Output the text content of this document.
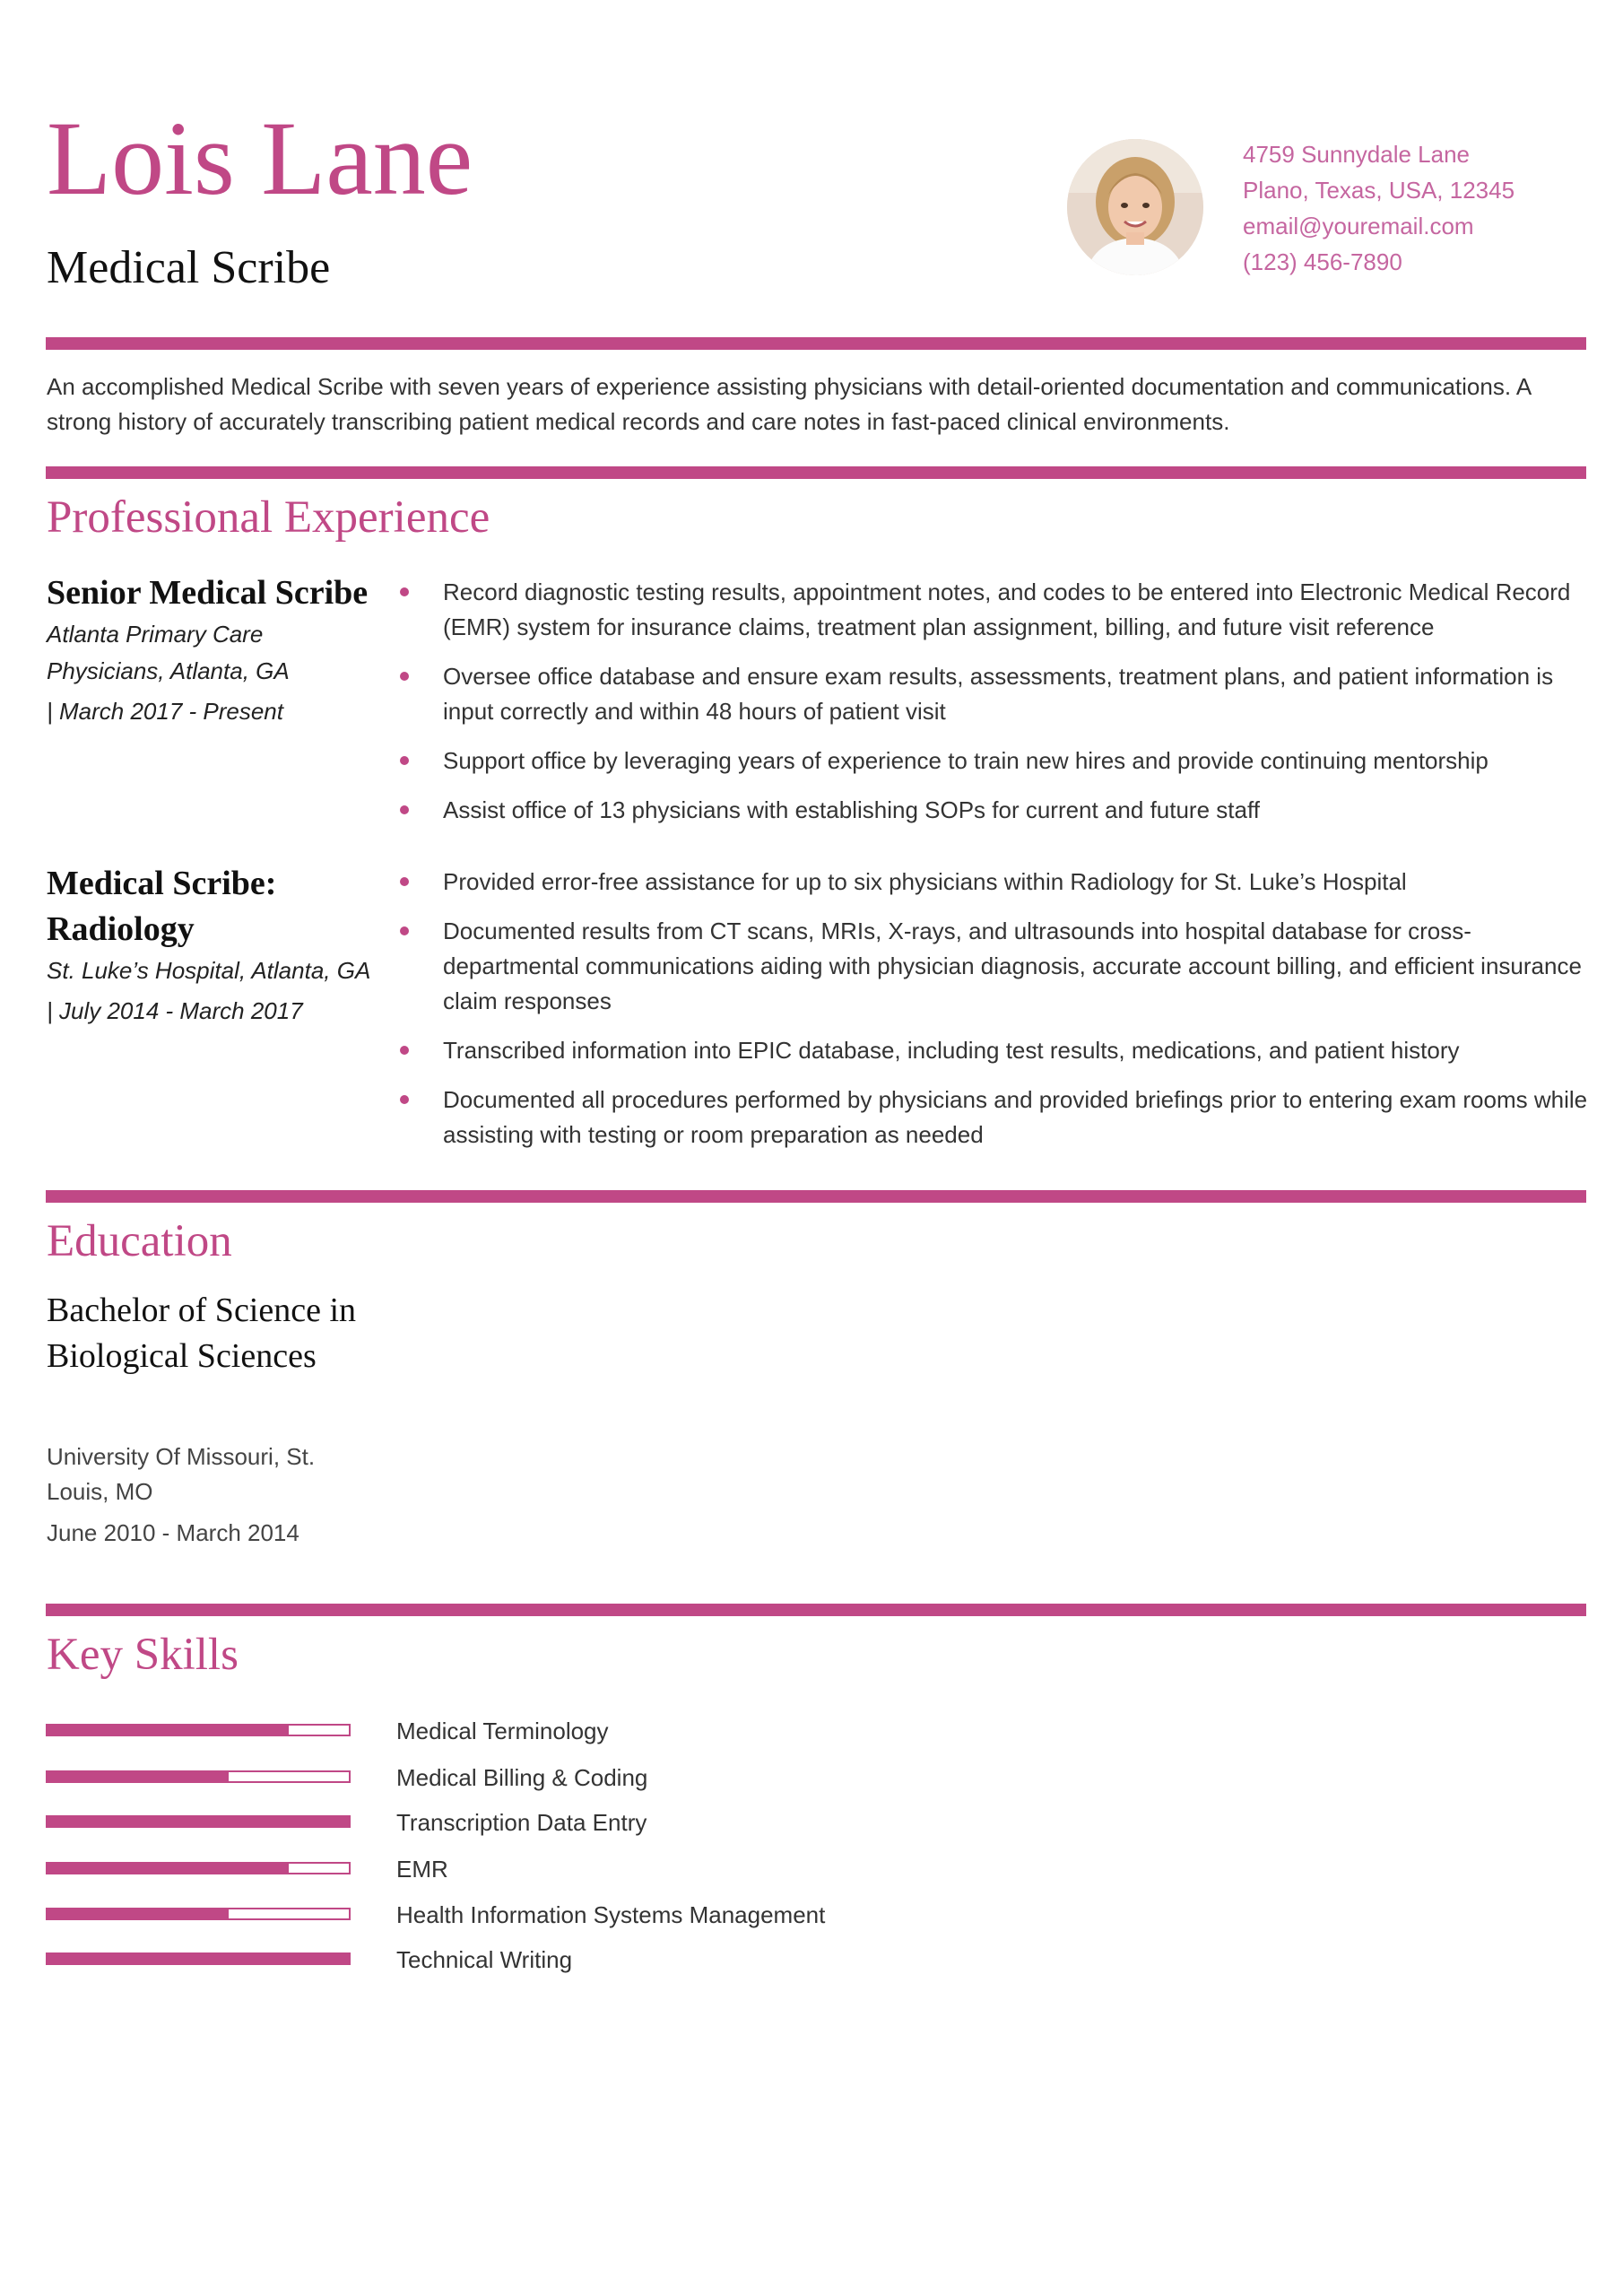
Lois Lane
Medical Scribe
4759 Sunnydale Lane
Plano, Texas, USA, 12345
email@youremail.com
(123) 456-7890

An accomplished Medical Scribe with seven years of experience assisting physicians with detail-oriented documentation and communications. A strong history of accurately transcribing patient medical records and care notes in fast-paced clinical environments.

Professional Experience
Senior Medical Scribe
Atlanta Primary Care Physicians, Atlanta, GA
| March 2017 - Present
Record diagnostic testing results, appointment notes, and codes to be entered into Electronic Medical Record (EMR) system for insurance claims, treatment plan assignment, billing, and future visit reference
Oversee office database and ensure exam results, assessments, treatment plans, and patient information is input correctly and within 48 hours of patient visit
Support office by leveraging years of experience to train new hires and provide continuing mentorship
Assist office of 13 physicians with establishing SOPs for current and future staff
Medical Scribe: Radiology
St. Luke’s Hospital, Atlanta, GA
| July 2014 - March 2017
Provided error-free assistance for up to six physicians within Radiology for St. Luke’s Hospital
Documented results from CT scans, MRIs, X-rays, and ultrasounds into hospital database for cross-departmental communications aiding with physician diagnosis, accurate account billing, and efficient insurance claim responses
Transcribed information into EPIC database, including test results, medications, and patient history
Documented all procedures performed by physicians and provided briefings prior to entering exam rooms while assisting with testing or room preparation as needed
Education
Bachelor of Science in Biological Sciences
University Of Missouri, St. Louis, MO
June 2010 - March 2014
Key Skills
Medical Terminology
Medical Billing & Coding
Transcription Data Entry
EMR
Health Information Systems Management
Technical Writing
